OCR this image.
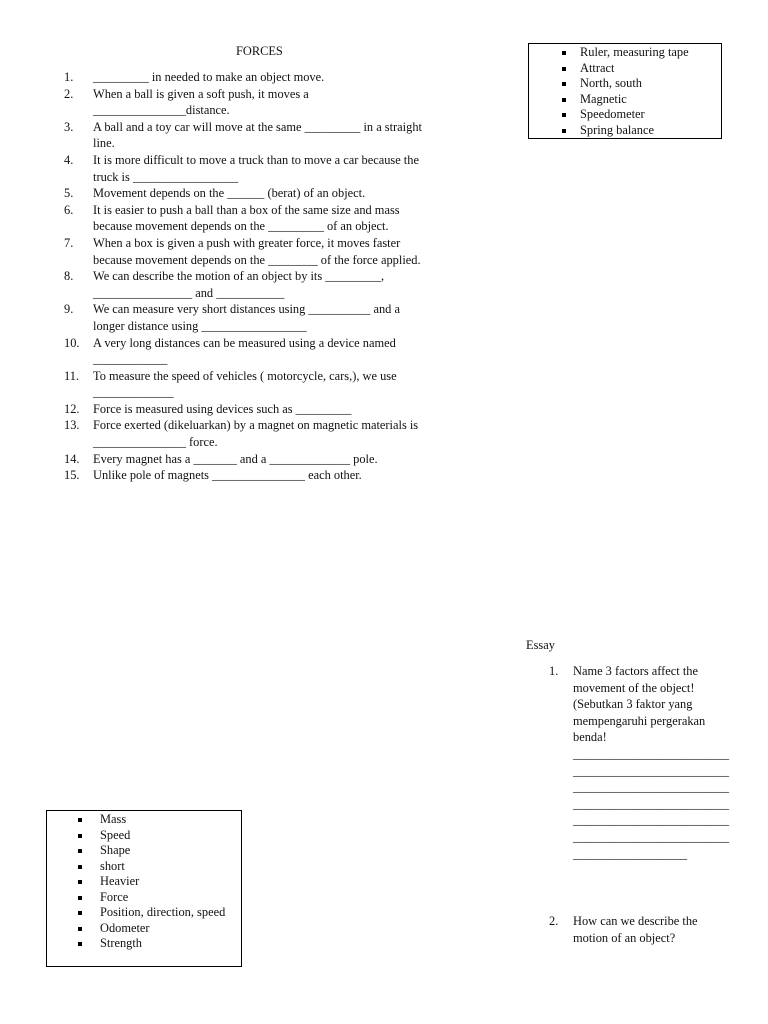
FORCES
1. _________ in needed to make an object move.
2. When a ball is given a soft push, it moves a
_______________distance.
3. A ball and a toy car will move at the same _________ in a straight
line.
4. It is more difficult to move a truck than to move a car because the
truck is _________________
5. Movement depends on the ______ (berat) of an object.
6. It is easier to push a ball than a box of the same size and mass
because movement depends on the _________ of an object.
7. When a box is given a push with greater force, it moves faster
because movement depends on the ________ of the force applied.
8. We can describe the motion of an object by its _________,
________________ and ___________
9. We can measure very short distances using __________ and a
longer distance using _________________
10. A very long distances can be measured using a device named
____________
11. To measure the speed of vehicles ( motorcycle, cars,), we use
_____________
12. Force is measured using devices such as _________
13. Force exerted (dikeluarkan) by a magnet on magnetic materials is
_______________ force.
14. Every magnet has a _______ and a _____________ pole.
15. Unlike pole of magnets _______________ each other.
Ruler, measuring tape
Attract
North, south
Magnetic
Speedometer
Spring balance
Mass
Speed
Shape
short
Heavier
Force
Position, direction, speed
Odometer
Strength
Essay
1. Name 3 factors affect the movement of the object! (Sebutkan 3 faktor yang mempengaruhi pergerakan benda!
_______________________________________________________________________________________________________________________________________________________________________________
2. How can we describe the motion of an object?
